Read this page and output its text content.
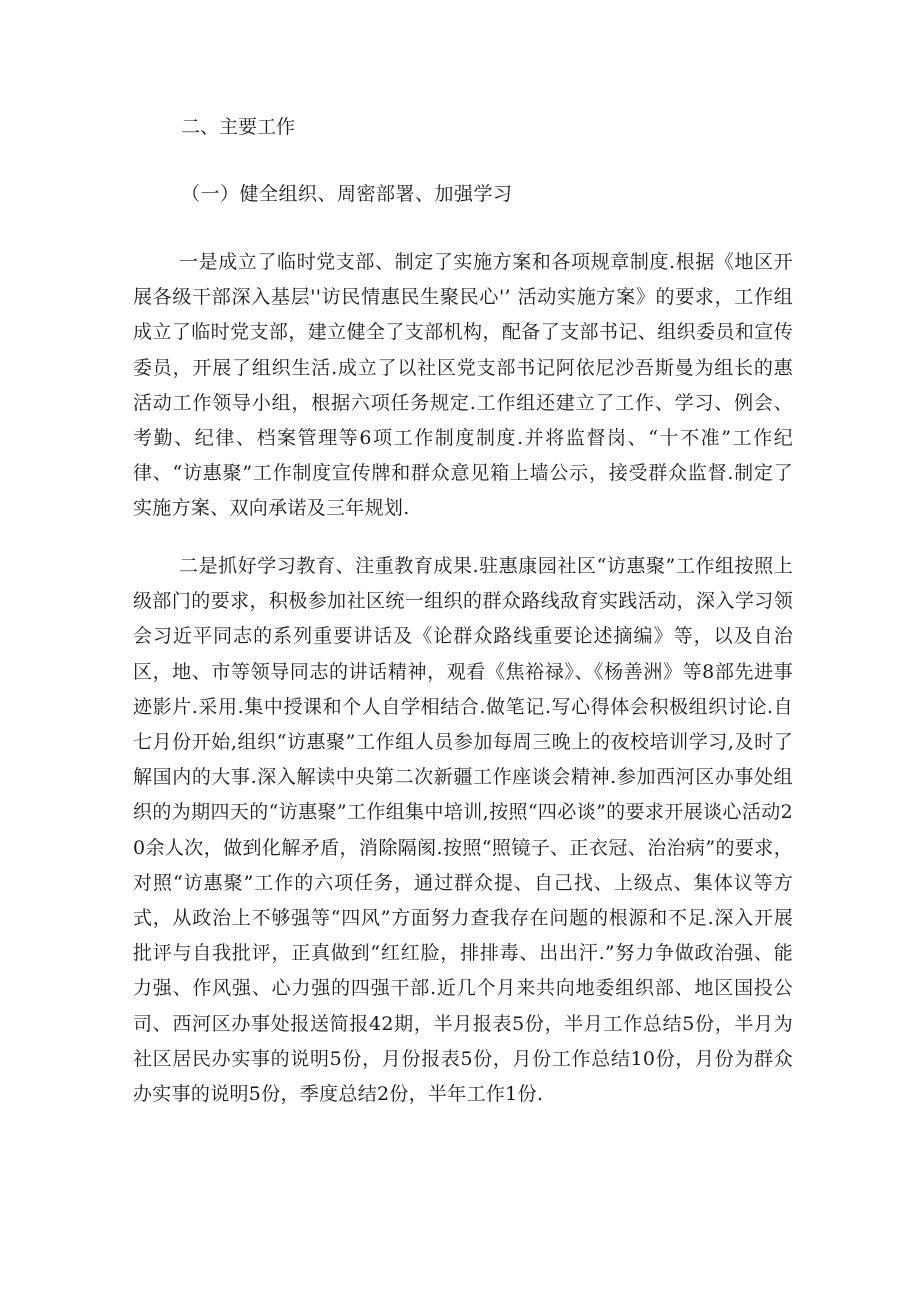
二、主要工作
（一）健全组织、周密部署、加强学习

一是成立了临时党支部、制定了实施方案和各项规章制度.根据《地区开展各级干部深入基层''访民情惠民生聚民心'’ 活动实施方案》的要求，工作组成立了临时党支部，建立健全了支部机构，配备了支部书记、组织委员和宣传委员，开展了组织生活.成立了以社区党支部书记阿依尼沙吾斯曼为组长的惠活动工作领导小组，根据六项任务规定.工作组还建立了工作、学习、例会、考勤、纪律、档案管理等6项工作制度制度.并将监督岗、“十不准”工作纪律、“访惠聚”工作制度宣传牌和群众意见箱上墙公示，接受群众监督.制定了实施方案、双向承诺及三年规划.

二是抓好学习教育、注重教育成果.驻惠康园社区“访惠聚”工作组按照上级部门的要求，积极参加社区统一组织的群众路线敌育实践活动，深入学习领会习近平同志的系列重要讲话及《论群众路线重要论述摘编》等，以及自治区，地、市等领导同志的讲话精神，观看《焦裕禄》、《杨善洲》等8部先进事迹影片.采用.集中授课和个人自学相结合.做笔记.写心得体会积极组织讨论.自七月份开始,组织“访惠聚”工作组人员参加每周三晚上的夜校培训学习,及时了解国内的大事.深入解读中央第二次新疆工作座谈会精神.参加西河区办事处组织的为期四天的“访惠聚”工作组集中培训,按照“四必谈”的要求开展谈心活动20余人次，做到化解矛盾，消除隔阂.按照“照镜子、正衣冠、治治病”的要求，对照“访惠聚”工作的六项任务，通过群众提、自己找、上级点、集体议等方式，从政治上不够强等“四风”方面努力查我存在问题的根源和不足.深入开展批评与自我批评，正真做到“红红脸，排排毒、出出汗.”努力争做政治强、能力强、作风强、心力强的四强干部.近几个月来共向地委组织部、地区国投公司、西河区办事处报送简报42期，半月报表5份，半月工作总结5份，半月为社区居民办实事的说明5份，月份报表5份，月份工作总结10份，月份为群众办实事的说明5份，季度总结2份，半年工作1份.
